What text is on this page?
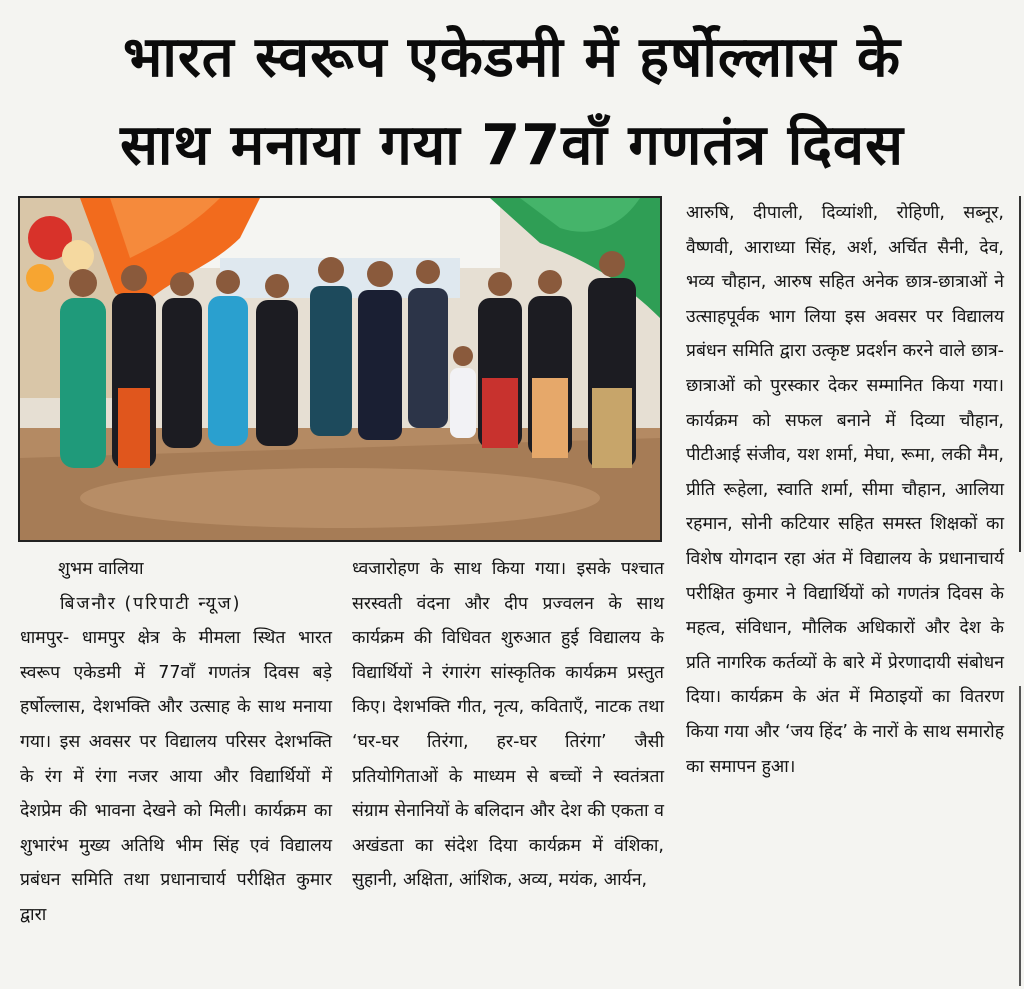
भारत स्वरूप एकेडमी में हर्षोल्लास के
साथ मनाया गया 77वाँ गणतंत्र दिवस
शुभम वालिया
बिजनौर (परिपाटी न्यूज)
धामपुर- धामपुर क्षेत्र के मीमला स्थित भारत स्वरूप एकेडमी में 77वाँ गणतंत्र दिवस बड़े हर्षोल्लास, देशभक्ति और उत्साह के साथ मनाया गया। इस अवसर पर विद्यालय परिसर देशभक्ति के रंग में रंगा नजर आया और विद्यार्थियों में देशप्रेम की भावना देखने को मिली। कार्यक्रम का शुभारंभ मुख्य अतिथि भीम सिंह एवं विद्यालय प्रबंधन समिति तथा प्रधानाचार्य परीक्षित कुमार द्वारा
ध्वजारोहण के साथ किया गया। इसके पश्चात सरस्वती वंदना और दीप प्रज्वलन के साथ कार्यक्रम की विधिवत शुरुआत हुई विद्यालय के विद्यार्थियों ने रंगारंग सांस्कृतिक कार्यक्रम प्रस्तुत किए। देशभक्ति गीत, नृत्य, कविताएँ, नाटक तथा ‘घर-घर तिरंगा, हर-घर तिरंगा’ जैसी प्रतियोगिताओं के माध्यम से बच्चों ने स्वतंत्रता संग्राम सेनानियों के बलिदान और देश की एकता व अखंडता का संदेश दिया कार्यक्रम में वंशिका, सुहानी, अक्षिता, आंशिक, अव्य, मयंक, आर्यन,
आरुषि, दीपाली, दिव्यांशी, रोहिणी, सब्नूर, वैष्णवी, आराध्या सिंह, अर्श, अर्चित सैनी, देव, भव्य चौहान, आरुष सहित अनेक छात्र-छात्राओं ने उत्साहपूर्वक भाग लिया इस अवसर पर विद्यालय प्रबंधन समिति द्वारा उत्कृष्ट प्रदर्शन करने वाले छात्र-छात्राओं को पुरस्कार देकर सम्मानित किया गया। कार्यक्रम को सफल बनाने में दिव्या चौहान, पीटीआई संजीव, यश शर्मा, मेघा, रूमा, लकी मैम, प्रीति रूहेला, स्वाति शर्मा, सीमा चौहान, आलिया रहमान, सोनी कटियार सहित समस्त शिक्षकों का विशेष योगदान रहा अंत में विद्यालय के प्रधानाचार्य परीक्षित कुमार ने विद्यार्थियों को गणतंत्र दिवस के महत्व, संविधान, मौलिक अधिकारों और देश के प्रति नागरिक कर्तव्यों के बारे में प्रेरणादायी संबोधन दिया। कार्यक्रम के अंत में मिठाइयों का वितरण किया गया और ‘जय हिंद’ के नारों के साथ समारोह का समापन हुआ।
